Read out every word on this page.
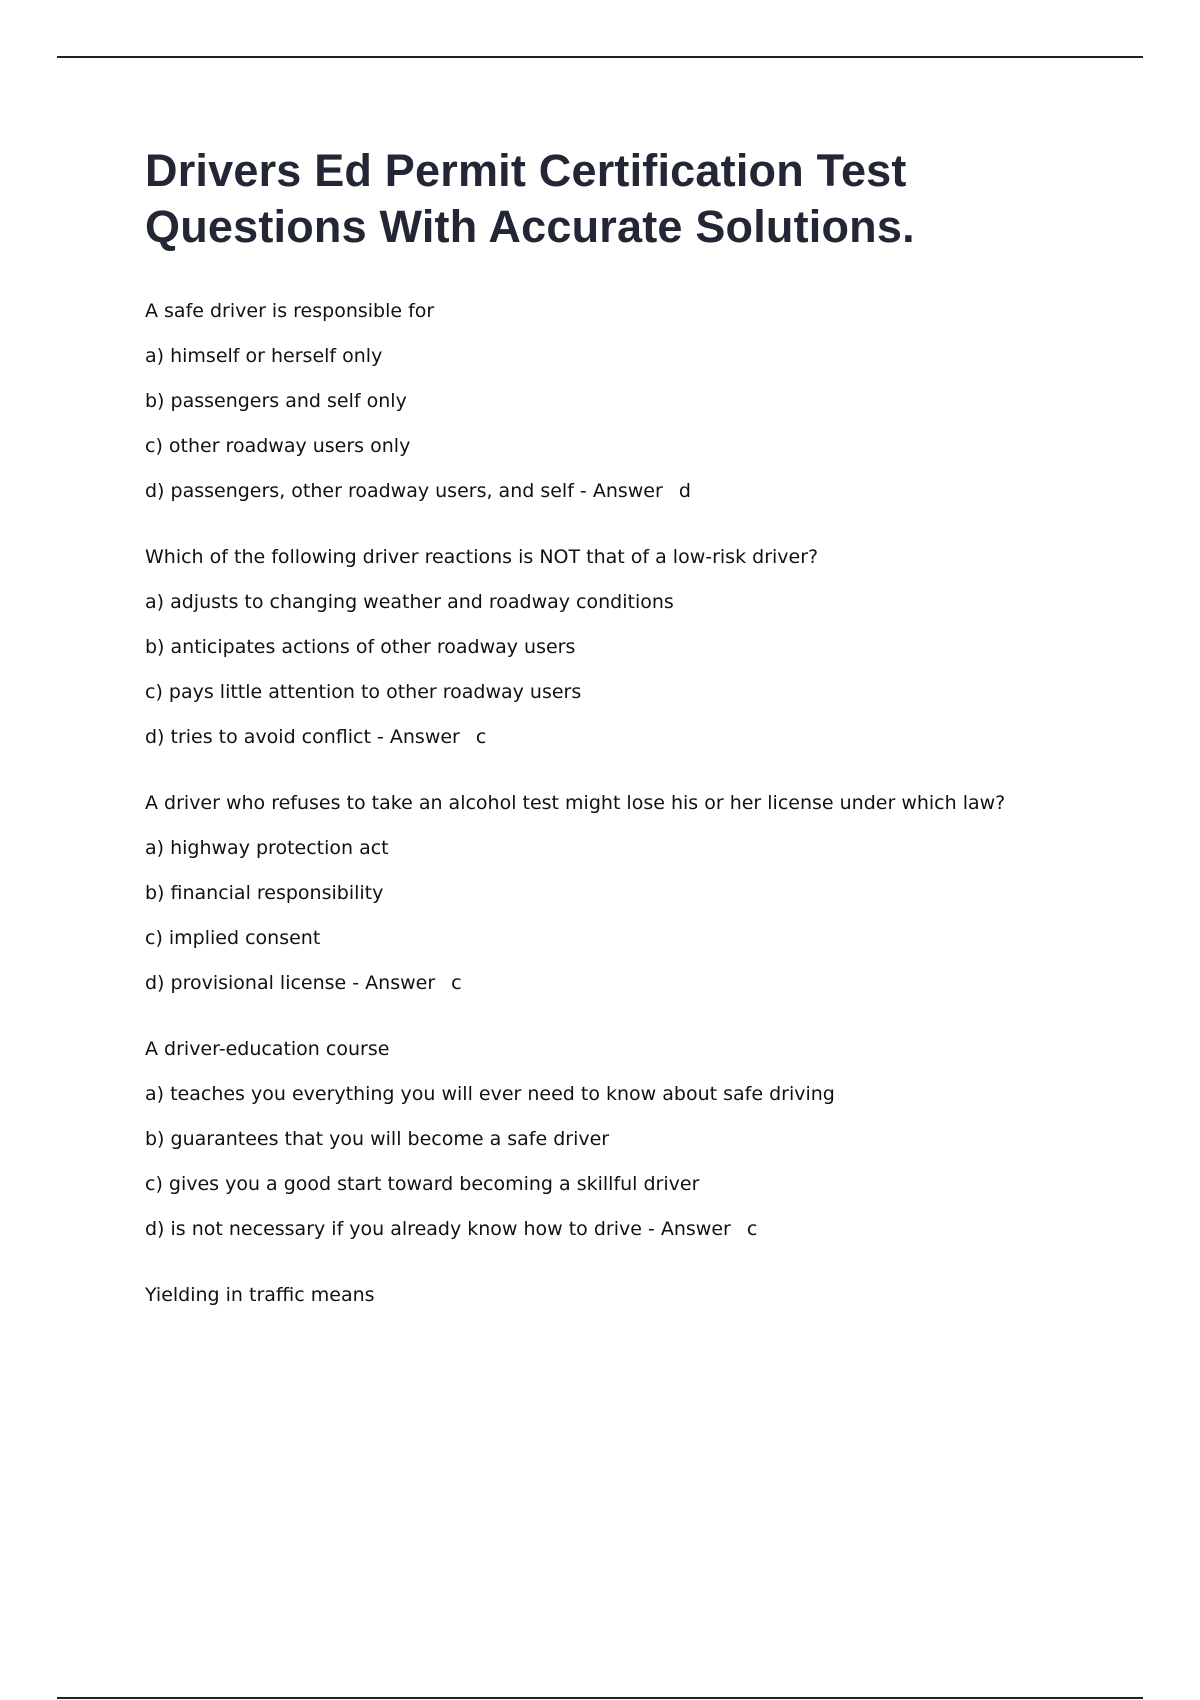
Drivers Ed Permit Certification Test Questions With Accurate Solutions.
A safe driver is responsible for
a) himself or herself only
b) passengers and self only
c) other roadway users only
d) passengers, other roadway users, and self - Answer d
Which of the following driver reactions is NOT that of a low-risk driver?
a) adjusts to changing weather and roadway conditions
b) anticipates actions of other roadway users
c) pays little attention to other roadway users
d) tries to avoid conflict - Answer c
A driver who refuses to take an alcohol test might lose his or her license under which law?
a) highway protection act
b) financial responsibility
c) implied consent
d) provisional license - Answer c
A driver-education course
a) teaches you everything you will ever need to know about safe driving
b) guarantees that you will become a safe driver
c) gives you a good start toward becoming a skillful driver
d) is not necessary if you already know how to drive - Answer c
Yielding in traffic means
